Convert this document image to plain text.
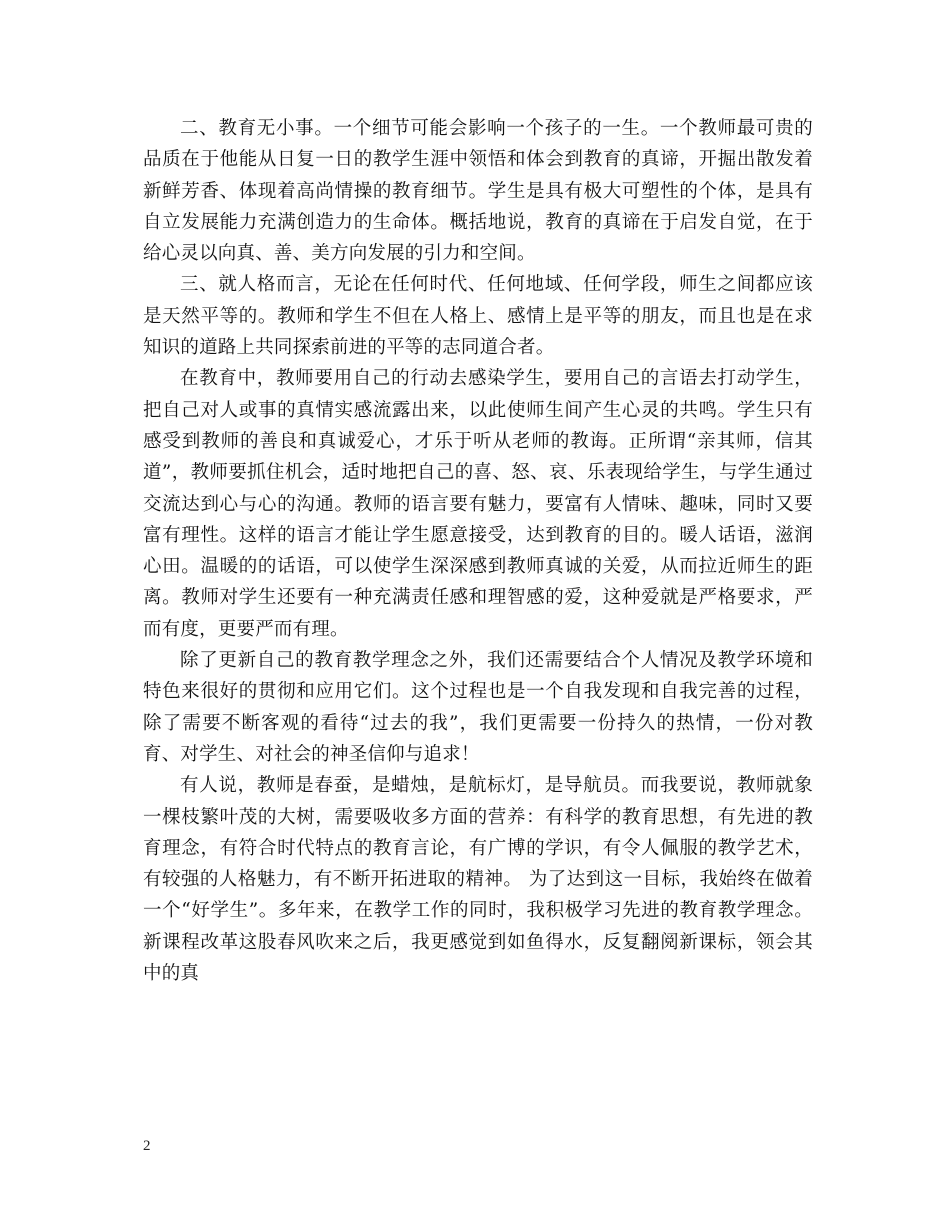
二、教育无小事。一个细节可能会影响一个孩子的一生。一个教师最可贵的品质在于他能从日复一日的教学生涯中领悟和体会到教育的真谛，开掘出散发着新鲜芳香、体现着高尚情操的教育细节。学生是具有极大可塑性的个体，是具有自立发展能力充满创造力的生命体。概括地说，教育的真谛在于启发自觉，在于给心灵以向真、善、美方向发展的引力和空间。

三、就人格而言，无论在任何时代、任何地域、任何学段，师生之间都应该是天然平等的。教师和学生不但在人格上、感情上是平等的朋友，而且也是在求知识的道路上共同探索前进的平等的志同道合者。

在教育中，教师要用自己的行动去感染学生，要用自己的言语去打动学生，把自己对人或事的真情实感流露出来，以此使师生间产生心灵的共鸣。学生只有感受到教师的善良和真诚爱心，才乐于听从老师的教诲。正所谓“亲其师，信其道”，教师要抓住机会，适时地把自己的喜、怒、哀、乐表现给学生，与学生通过交流达到心与心的沟通。教师的语言要有魅力，要富有人情味、趣味，同时又要富有理性。这样的语言才能让学生愿意接受，达到教育的目的。暖人话语，滋润心田。温暖的的话语，可以使学生深深感到教师真诚的关爱，从而拉近师生的距离。教师对学生还要有一种充满责任感和理智感的爱，这种爱就是严格要求，严而有度，更要严而有理。

除了更新自己的教育教学理念之外，我们还需要结合个人情况及教学环境和特色来很好的贯彻和应用它们。这个过程也是一个自我发现和自我完善的过程，除了需要不断客观的看待“过去的我”，我们更需要一份持久的热情，一份对教育、对学生、对社会的神圣信仰与追求！

有人说，教师是春蚕，是蜡烛，是航标灯，是导航员。而我要说，教师就象一棵枝繁叶茂的大树，需要吸收多方面的营养：有科学的教育思想，有先进的教育理念，有符合时代特点的教育言论，有广博的学识，有令人佩服的教学艺术，有较强的人格魅力，有不断开拓进取的精神。 为了达到这一目标，我始终在做着一个“好学生”。多年来，在教学工作的同时，我积极学习先进的教育教学理念。新课程改革这股春风吹来之后，我更感觉到如鱼得水，反复翻阅新课标，领会其中的真

2
